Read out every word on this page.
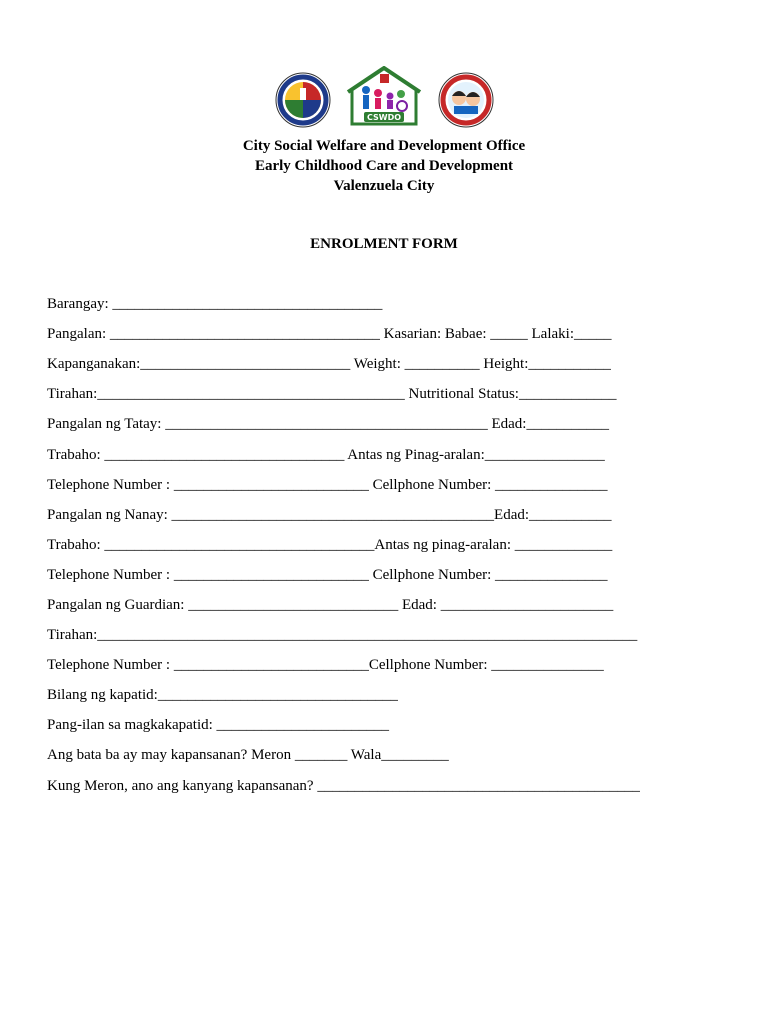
CSWDO
City Social Welfare and Development Office
Early Childhood Care and Development
Valenzuela City
ENROLMENT FORM
Barangay: ____________________________________
Pangalan: ____________________________________ Kasarian: Babae: _____ Lalaki:_____
Kapanganakan:____________________________ Weight: __________ Height:___________
Tirahan:_________________________________________ Nutritional Status:_____________
Pangalan ng Tatay: ___________________________________________ Edad:___________
Trabaho: ________________________________ Antas ng Pinag-aralan:________________
Telephone Number : __________________________ Cellphone Number: _______________
Pangalan ng Nanay: ___________________________________________Edad:___________
Trabaho: ____________________________________Antas ng pinag-aralan: _____________
Telephone Number : __________________________ Cellphone Number: _______________
Pangalan ng Guardian: ____________________________ Edad: _______________________
Tirahan:________________________________________________________________________
Telephone Number : __________________________Cellphone Number: _______________
Bilang ng kapatid:________________________________
Pang-ilan sa magkakapatid: _______________________
Ang bata ba ay may kapansanan? Meron _______ Wala_________
Kung Meron, ano ang kanyang kapansanan? ___________________________________________
